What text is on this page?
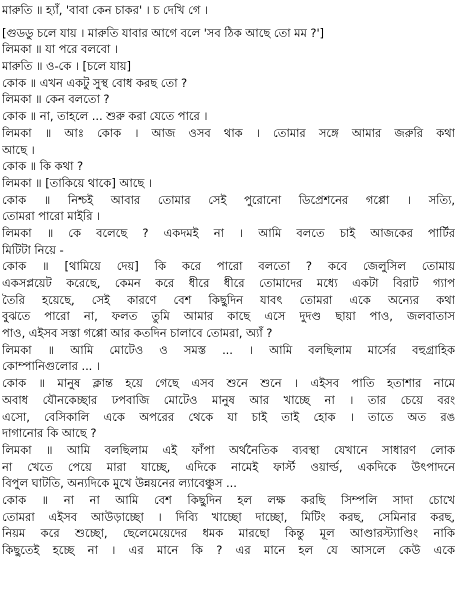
মারুতি ॥ হ্যাঁ, 'বাবা কেন চাকর' । চ দেখি গে ।
[গুডডু চলে যায় । মারুতি যাবার আগে বলে 'সব ঠিক আছে তো মম ?']
লিমকা ॥ যা পরে বলবো ।
মারুতি ॥ ও-কে । [চলে যায়]
কোক ॥ এখন একটু সুস্থ বোধ করছ তো ?
লিমকা ॥ কেন বলতো ?
কোক ॥ না, তাহলে ... শুরু করা যেতে পারে ।
লিমকা ॥ আঃ কোক । আজ ওসব থাক । তোমার সঙ্গে আমার জরুরি কথা
আছে ।
কোক ॥ কি কথা ?
লিমকা ॥ [তাকিয়ে থাকে] আছে ।
কোক ॥ নিশ্চই আবার তোমার সেই পুরোনো ডিপ্রেশনের গপ্পো । সত্যি,
তোমরা পারো মাইরি ।
লিমকা ॥ কে বলেছে ? একদমই না । আমি বলতে চাই আজকের পার্টির
মিটিটা নিয়ে -
কোক ॥ [থামিয়ে দেয়] কি করে পারো বলতো ? কবে জেলুসিল তোমায়
একসপ্লয়েট করেছে, কেমন করে ধীরে ধীরে তোমাদের মধ্যে একটা বিরাট গ্যাপ
তৈরি হয়েছে, সেই কারণে বেশ কিছুদিন যাবৎ তোমরা একে অন্যের কথা
বুঝতে পারো না, ফলত তুমি আমার কাছে এসে দুদণ্ড ছায়া পাও, জলবাতাস
পাও, এইসব সস্তা গপ্পো আর কতদিন চালাবে তোমরা, অ্যাঁ ?
লিমকা ॥ আমি মোটেও ও সমস্ত ... । আমি বলছিলাম মার্সের বহুগ্রাহিক
কোম্পানিগুলোর ... ।
কোক ॥ মানুষ ক্লান্ত হয়ে গেছে এসব শুনে শুনে । এইসব পাতি হতাশার নামে
অবাধ যৌনকেচ্ছার ঢপবাজি মোটেও মানুষ আর খাচ্ছে না । তার চেয়ে বরং
এসো, বেসিকালি একে অপরের থেকে যা চাই তাই হোক । তাতে অত রঙ
দাগানোর কি আছে ?
লিমকা ॥ আমি বলছিলাম এই ফাঁপা অর্থনৈতিক ব্যবস্থা যেখানে সাধারণ লোক
না খেতে পেয়ে মারা যাচ্ছে, এদিকে নামেই ফার্স্ট ওয়ার্ল্ড, একদিকে উৎপাদনে
বিপুল ঘাটতি, অন্যদিকে মুখে উন্নয়নের ল্যাবেঞ্চুস ...
কোক ॥ না না আমি বেশ কিছুদিন হল লক্ষ করছি সিম্পলি সাদা চোখে
তোমরা এইসব আউড়াচ্ছো । দিব্যি খাচ্ছো দাচ্ছো, মিটিং করছ, সেমিনার করছ,
নিয়ম করে শুচ্ছো, ছেলেমেয়েদের ধমক মারছো কিন্তু মূল আণ্ডারস্ট্যাণ্ডিং নাকি
কিছুতেই হচ্ছে না । এর মানে কি ? এর মানে হল যে আসলে কেউ একে
